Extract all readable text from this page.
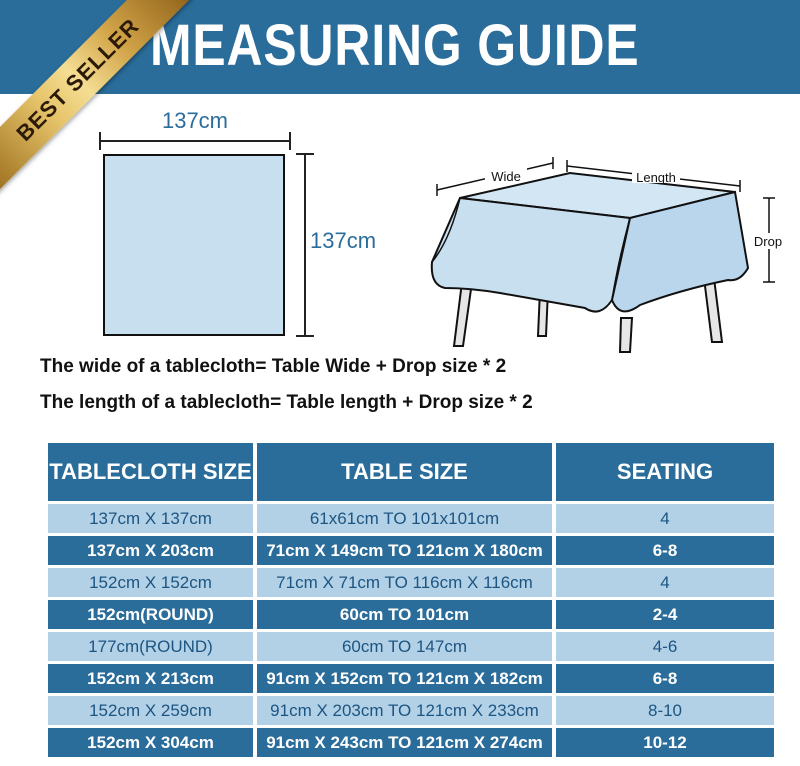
MEASURING GUIDE
BEST SELLER 137cm
137cm
Wide	Length
Drop
The wide of a tablecloth= Table Wide + Drop size * 2
The length of a tablecloth= Table length + Drop size * 2
TABLECLOTH SIZE	TABLE SIZE	SEATING
137cm X 137cm	61x61cm TO 101x101cm	4
137cm X 203cm	71cm X 149cm TO 121cm X 180cm	6-8
152cm X 152cm	71cm X 71cm TO 116cm X 116cm	4
152cm(ROUND)	60cm TO 101cm	2-4
177cm(ROUND)	60cm TO 147cm	4-6
152cm X 213cm	91cm X 152cm TO 121cm X 182cm	6-8
152cm X 259cm	91cm X 203cm TO 121cm X 233cm	8-10
152cm X 304cm	91cm X 243cm TO 121cm X 274cm	10-12
